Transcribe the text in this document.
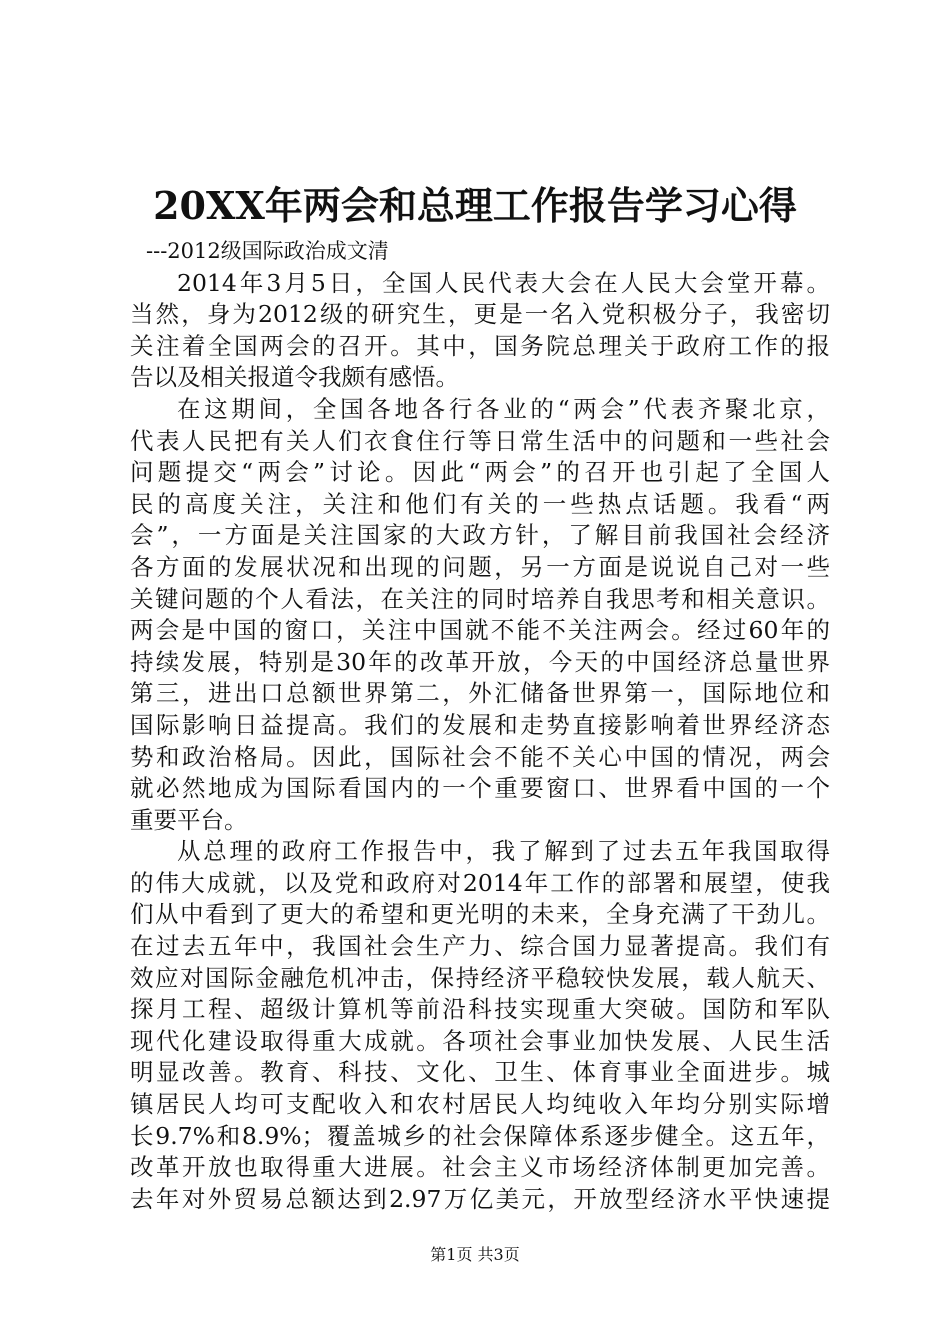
20XX年两会和总理工作报告学习心得
---2012级国际政治成文清
2014年3月5日，全国人民代表大会在人民大会堂开幕。
当然，身为2012级的研究生，更是一名入党积极分子，我密切
关注着全国两会的召开。其中，国务院总理关于政府工作的报
告以及相关报道令我颇有感悟。
在这期间，全国各地各行各业的“两会”代表齐聚北京，
代表人民把有关人们衣食住行等日常生活中的问题和一些社会
问题提交“两会”讨论。因此“两会”的召开也引起了全国人
民的高度关注，关注和他们有关的一些热点话题。我看“两
会”，一方面是关注国家的大政方针，了解目前我国社会经济
各方面的发展状况和出现的问题，另一方面是说说自己对一些
关键问题的个人看法，在关注的同时培养自我思考和相关意识。
两会是中国的窗口，关注中国就不能不关注两会。经过60年的
持续发展，特别是30年的改革开放，今天的中国经济总量世界
第三，进出口总额世界第二，外汇储备世界第一，国际地位和
国际影响日益提高。我们的发展和走势直接影响着世界经济态
势和政治格局。因此，国际社会不能不关心中国的情况，两会
就必然地成为国际看国内的一个重要窗口、世界看中国的一个
重要平台。
从总理的政府工作报告中，我了解到了过去五年我国取得
的伟大成就，以及党和政府对2014年工作的部署和展望，使我
们从中看到了更大的希望和更光明的未来，全身充满了干劲儿。
在过去五年中，我国社会生产力、综合国力显著提高。我们有
效应对国际金融危机冲击，保持经济平稳较快发展，载人航天、
探月工程、超级计算机等前沿科技实现重大突破。国防和军队
现代化建设取得重大成就。各项社会事业加快发展、人民生活
明显改善。教育、科技、文化、卫生、体育事业全面进步。城
镇居民人均可支配收入和农村居民人均纯收入年均分别实际增
长9.7%和8.9%；覆盖城乡的社会保障体系逐步健全。这五年，
改革开放也取得重大进展。社会主义市场经济体制更加完善。
去年对外贸易总额达到2.97万亿美元，开放型经济水平快速提
第1页 共3页
